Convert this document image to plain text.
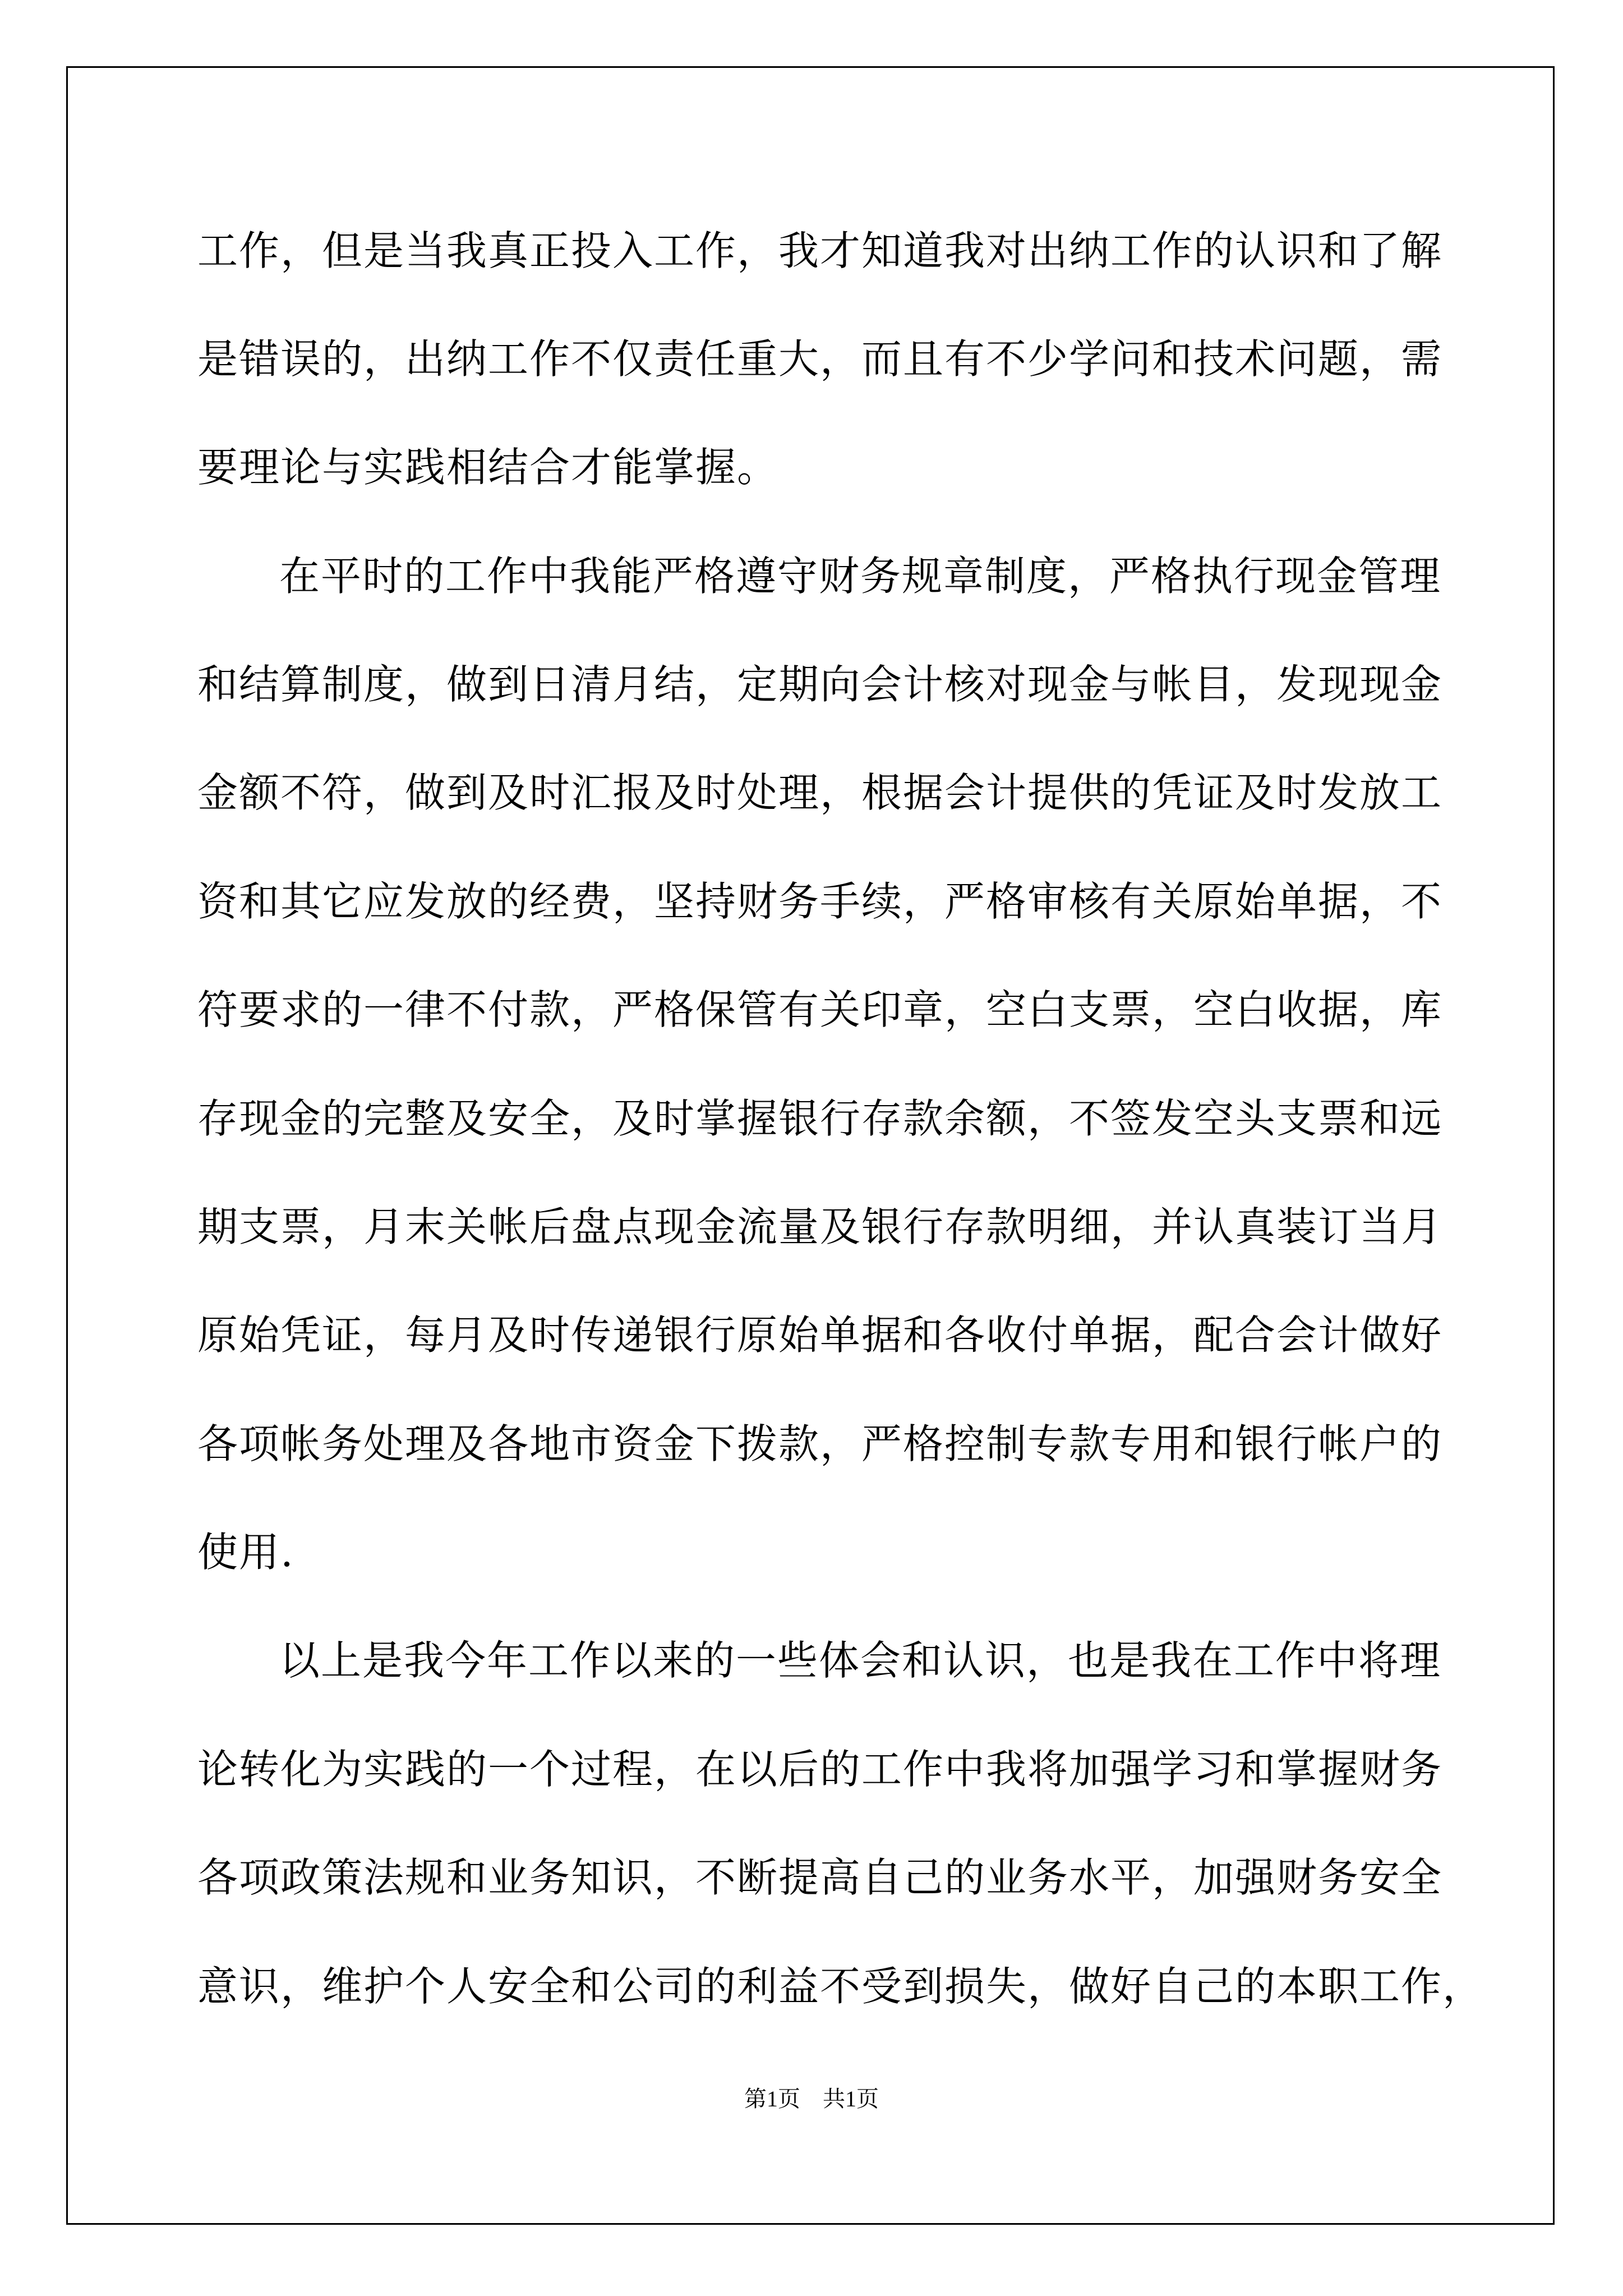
工作，但是当我真正投入工作，我才知道我对出纳工作的认识和了解
是错误的，出纳工作不仅责任重大，而且有不少学问和技术问题，需
要理论与实践相结合才能掌握。
在平时的工作中我能严格遵守财务规章制度，严格执行现金管理
和结算制度，做到日清月结，定期向会计核对现金与帐目，发现现金
金额不符，做到及时汇报及时处理，根据会计提供的凭证及时发放工
资和其它应发放的经费，坚持财务手续，严格审核有关原始单据，不
符要求的一律不付款，严格保管有关印章，空白支票，空白收据，库
存现金的完整及安全，及时掌握银行存款余额，不签发空头支票和远
期支票，月末关帐后盘点现金流量及银行存款明细，并认真装订当月
原始凭证，每月及时传递银行原始单据和各收付单据，配合会计做好
各项帐务处理及各地市资金下拨款，严格控制专款专用和银行帐户的
使用.
以上是我今年工作以来的一些体会和认识，也是我在工作中将理
论转化为实践的一个过程，在以后的工作中我将加强学习和掌握财务
各项政策法规和业务知识，不断提高自己的业务水平，加强财务安全
意识，维护个人安全和公司的利益不受到损失，做好自己的本职工作，
第1页　共1页
